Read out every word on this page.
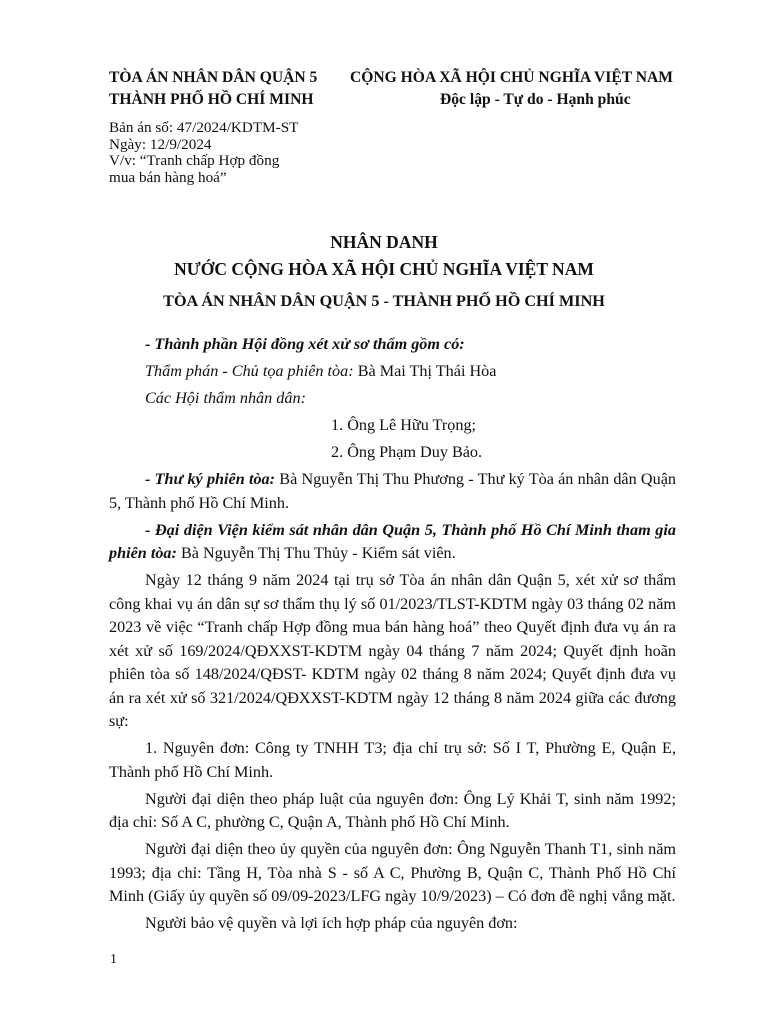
TÒA ÁN NHÂN DÂN QUẬN 5
THÀNH PHỐ HỒ CHÍ MINH
CỘNG HÒA XÃ HỘI CHỦ NGHĨA VIỆT NAM
Độc lập - Tự do - Hạnh phúc
Bản án số: 47/2024/KDTM-ST
Ngày: 12/9/2024
V/v: “Tranh chấp Hợp đồng
mua bán hàng hoá”
NHÂN DANH
NƯỚC CỘNG HÒA XÃ HỘI CHỦ NGHĨA VIỆT NAM
TÒA ÁN NHÂN DÂN QUẬN 5 - THÀNH PHỐ HỒ CHÍ MINH

- Thành phần Hội đồng xét xử sơ thẩm gồm có:

Thẩm phán - Chủ tọa phiên tòa: Bà Mai Thị Thái Hòa

Các Hội thẩm nhân dân:

1. Ông Lê Hữu Trọng;

2. Ông Phạm Duy Bảo.

- Thư ký phiên tòa: Bà Nguyễn Thị Thu Phương - Thư ký Tòa án nhân dân Quận 5, Thành phố Hồ Chí Minh.

- Đại diện Viện kiểm sát nhân dân Quận 5, Thành phố Hồ Chí Minh tham gia phiên tòa: Bà Nguyễn Thị Thu Thủy - Kiểm sát viên.

Ngày 12 tháng 9 năm 2024 tại trụ sở Tòa án nhân dân Quận 5, xét xử sơ thẩm công khai vụ án dân sự sơ thẩm thụ lý số 01/2023/TLST-KDTM ngày 03 tháng 02 năm 2023 về việc “Tranh chấp Hợp đồng mua bán hàng hoá” theo Quyết định đưa vụ án ra xét xử số 169/2024/QĐXXST-KDTM ngày 04 tháng 7 năm 2024; Quyết định hoãn phiên tòa số 148/2024/QĐST- KDTM ngày 02 tháng 8 năm 2024; Quyết định đưa vụ án ra xét xử số 321/2024/QĐXXST-KDTM ngày 12 tháng 8 năm 2024 giữa các đương sự:

1. Nguyên đơn: Công ty TNHH T3; địa chỉ trụ sở: Số I T, Phường E, Quận E, Thành phố Hồ Chí Minh.

Người đại diện theo pháp luật của nguyên đơn: Ông Lý Khải T, sinh năm 1992; địa chỉ: Số A C, phường C, Quận A, Thành phố Hồ Chí Minh.

Người đại diện theo ủy quyền của nguyên đơn: Ông Nguyễn Thanh T1, sinh năm 1993; địa chỉ: Tầng H, Tòa nhà S - số A C, Phường B, Quận C, Thành Phố Hồ Chí Minh (Giấy ủy quyền số 09/09-2023/LFG ngày 10/9/2023) – Có đơn đề nghị vắng mặt.

Người bảo vệ quyền và lợi ích hợp pháp của nguyên đơn:

1
